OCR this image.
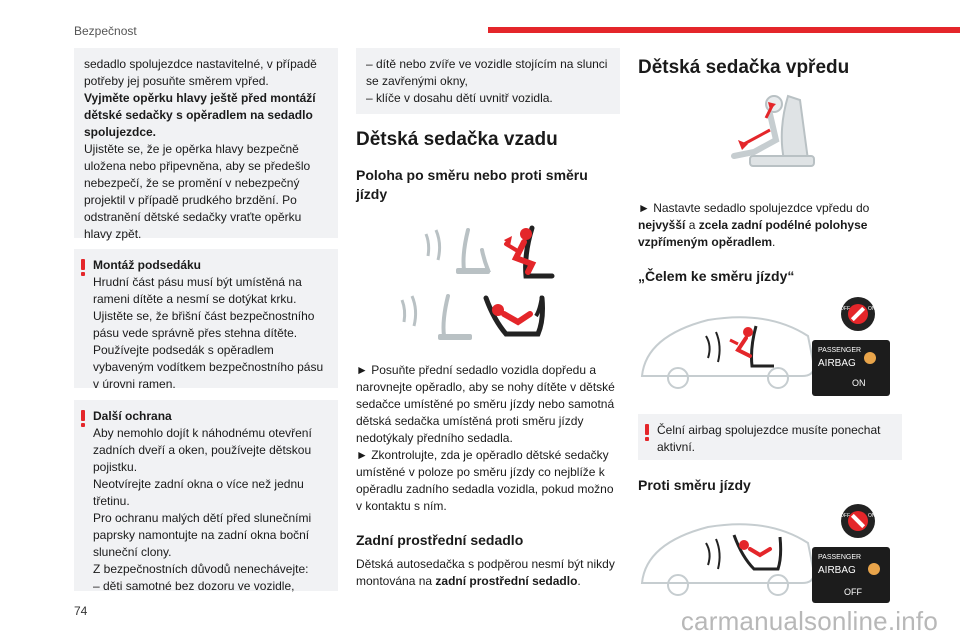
Bezpečnost

sedadlo spolujezdce nastavitelné, v případě potřeby jej posuňte směrem vpřed.

Vyjměte opěrku hlavy ještě před montáží dětské sedačky s opěradlem na sedadlo spolujezdce.

Ujistěte se, že je opěrka hlavy bezpečně uložena nebo připevněna, aby se předešlo nebezpečí, že se promění v nebezpečný projektil v případě prudkého brzdění. Po odstranění dětské sedačky vraťte opěrku hlavy zpět.

Montáž podsedáku

Hrudní část pásu musí být umístěná na rameni dítěte a nesmí se dotýkat krku. Ujistěte se, že břišní část bezpečnostního pásu vede správně přes stehna dítěte. Používejte podsedák s opěradlem vybaveným vodítkem bezpečnostního pásu v úrovni ramen.

Další ochrana

Aby nemohlo dojít k náhodnému otevření zadních dveří a oken, používejte dětskou pojistku.

Neotvírejte zadní okna o více než jednu třetinu.

Pro ochranu malých dětí před slunečními paprsky namontujte na zadní okna boční sluneční clony.

Z bezpečnostních důvodů nenechávejte:

– děti samotné bez dozoru ve vozidle,

– dítě nebo zvíře ve vozidle stojícím na slunci se zavřenými okny,

– klíče v dosahu dětí uvnitř vozidla.

Dětská sedačka vzadu
Poloha po směru nebo proti směru jízdy

► Posuňte přední sedadlo vozidla dopředu a narovnejte opěradlo, aby se nohy dítěte v dětské sedačce umístěné po směru jízdy nebo samotná dětská sedačka umístěná proti směru jízdy nedotýkaly předního sedadla.

► Zkontrolujte, zda je opěradlo dětské sedačky umístěné v poloze po směru jízdy co nejblíže k opěradlu zadního sedadla vozidla, pokud možno v kontaktu s ním.

Zadní prostřední sedadlo

Dětská autosedačka s podpěrou nesmí být nikdy montována na zadní prostřední sedadlo.

Dětská sedačka vpředu

► Nastavte sedadlo spolujezdce vpředu do nejvyšší a zcela zadní podélné polohyse vzpřímeným opěradlem.

„Čelem ke směru jízdy“
OFF	ON
PASSENGER
AIRBAG
ON

Čelní airbag spolujezdce musíte ponechat aktivní.

Proti směru jízdy
OFF	ON
PASSENGER
AIRBAG
OFF
74	carmanualsonline.info
